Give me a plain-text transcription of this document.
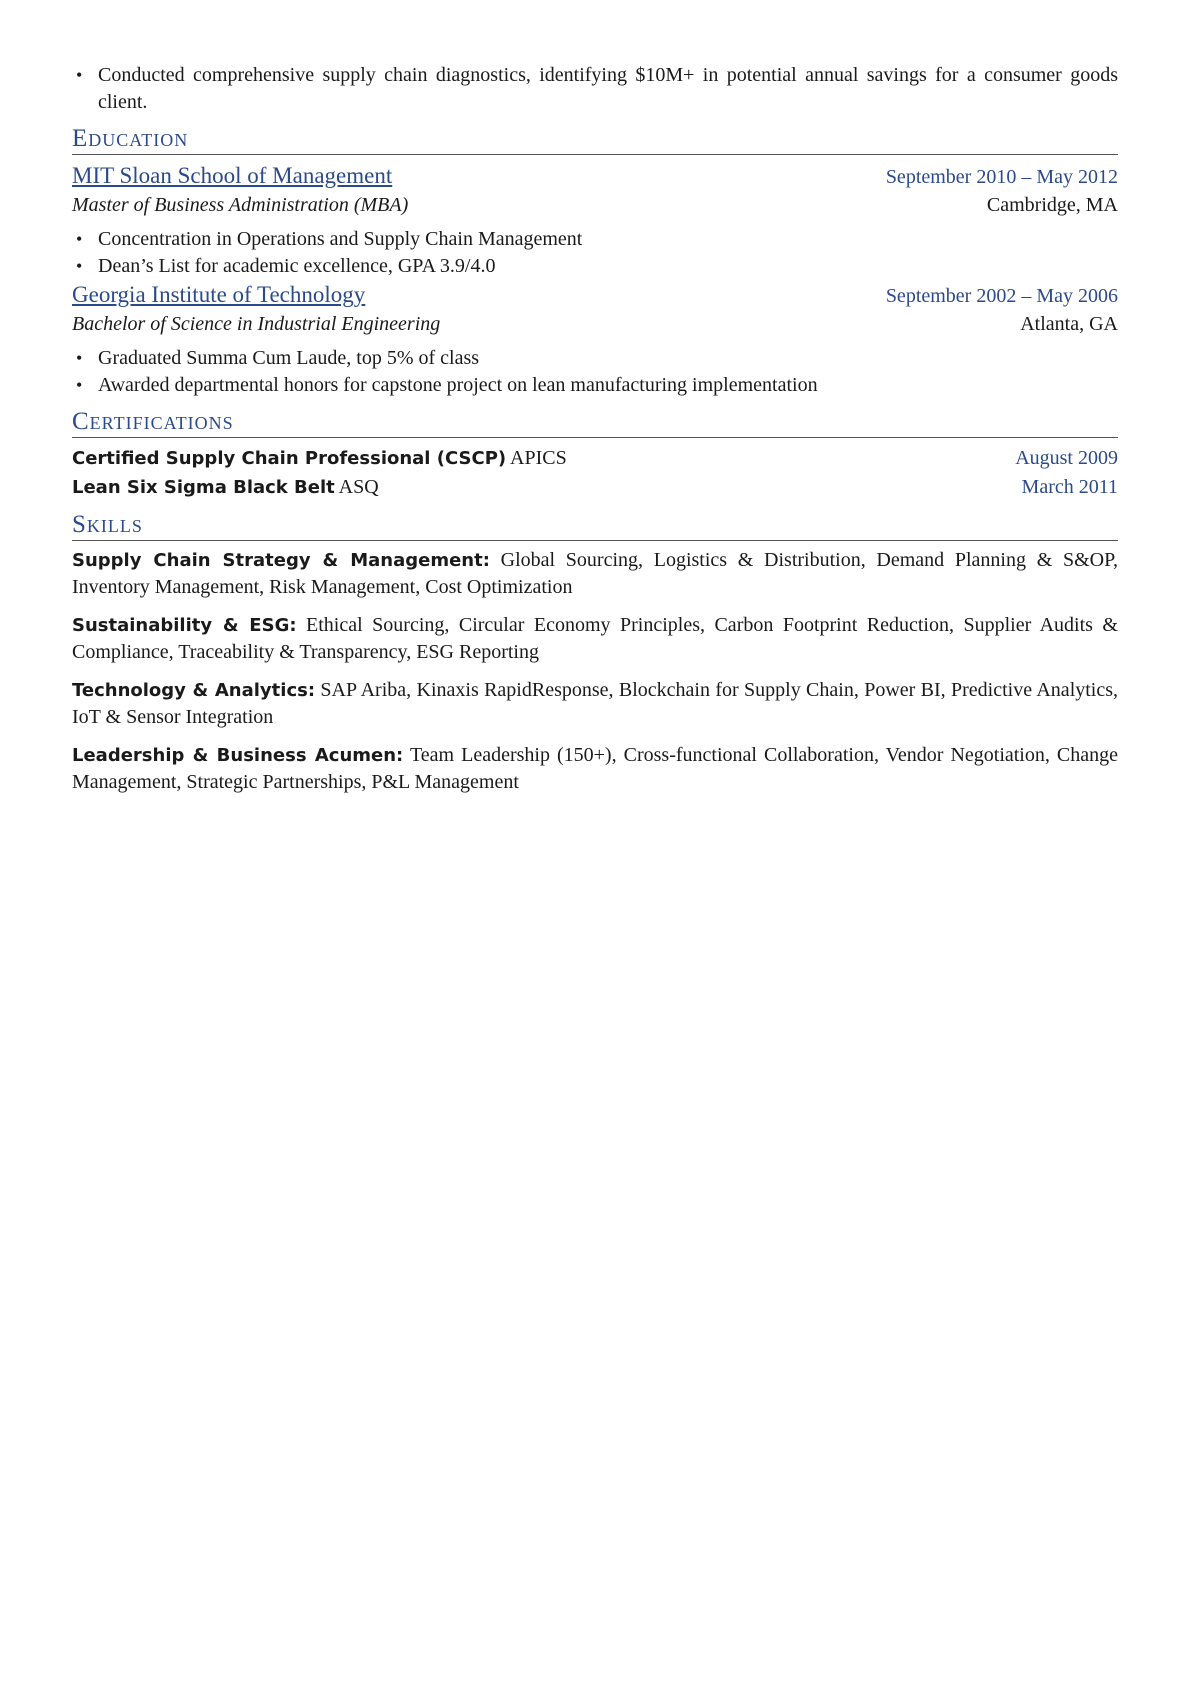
• Conducted comprehensive supply chain diagnostics, identifying $10M+ in potential annual savings for a consumer goods client.
Education
MIT Sloan School of Management	September 2010 – May 2012
Master of Business Administration (MBA)	Cambridge, MA
• Concentration in Operations and Supply Chain Management
• Dean’s List for academic excellence, GPA 3.9/4.0
Georgia Institute of Technology	September 2002 – May 2006
Bachelor of Science in Industrial Engineering	Atlanta, GA
• Graduated Summa Cum Laude, top 5% of class
• Awarded departmental honors for capstone project on lean manufacturing implementation
Certifications
Certified Supply Chain Professional (CSCP) APICS	August 2009
Lean Six Sigma Black Belt ASQ	March 2011
Skills
Supply Chain Strategy & Management: Global Sourcing, Logistics & Distribution, Demand Planning & S&OP, Inventory Management, Risk Management, Cost Optimization
Sustainability & ESG: Ethical Sourcing, Circular Economy Principles, Carbon Footprint Reduction, Supplier Audits & Compliance, Traceability & Transparency, ESG Reporting
Technology & Analytics: SAP Ariba, Kinaxis RapidResponse, Blockchain for Supply Chain, Power BI, Predictive Analytics, IoT & Sensor Integration
Leadership & Business Acumen: Team Leadership (150+), Cross-functional Collaboration, Vendor Negotiation, Change Management, Strategic Partnerships, P&L Management
